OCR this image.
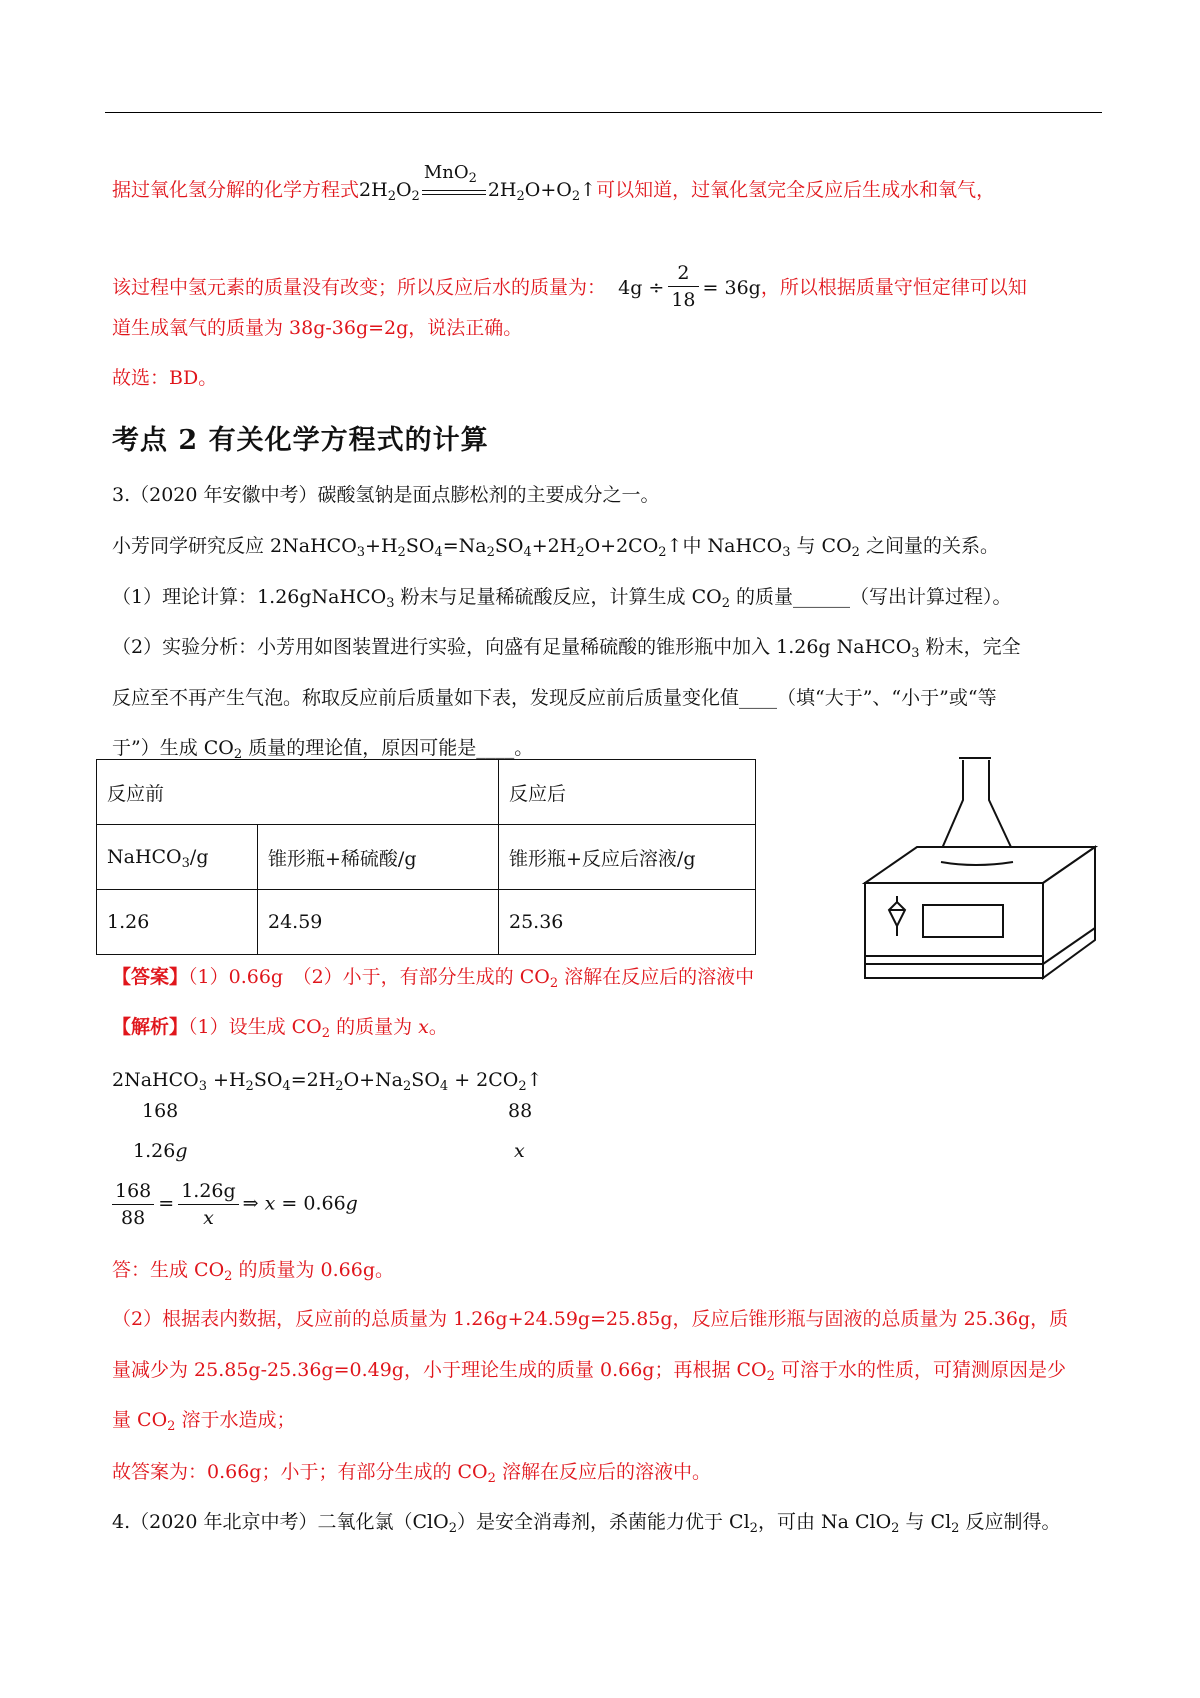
据过氧化氢分解的化学方程式$2H_2O_2$
MnO$_2$
$2H_2O+O_2↑$可以知道，过氧化氢完全反应后生成水和氧气，
该过程中氢元素的质量没有改变；所以反应后水的质量为： $4g \div \frac{2}{18} = 36g$，所以根据质量守恒定律可以知
道生成氧气的质量为 38g-36g=2g，说法正确。
故选：BD。
考点 2 有关化学方程式的计算
3.（2020 年安徽中考）碳酸氢钠是面点膨松剂的主要成分之一。
小芳同学研究反应 $2NaHCO_3+H_2SO_4=Na_2SO_4+2H_2O+2CO_2↑$中 NaHCO$_3$ 与 $CO_2$ 之间量的关系。
（1）理论计算：1.26gNaHCO$_3$ 粉末与足量稀硫酸反应，计算生成 $CO_2$ 的质量______（写出计算过程）。
（2）实验分析：小芳用如图装置进行实验，向盛有足量稀硫酸的锥形瓶中加入 1.26g NaHCO$_3$ 粉末，完全
反应至不再产生气泡。称取反应前后质量如下表，发现反应前后质量变化值____（填“大于”、“小于”或“等
于”）生成 $CO_2$ 质量的理论值，原因可能是____。
反应前		反应后
NaHCO$_3$/g	锥形瓶+稀硫酸/g	锥形瓶+反应后溶液/g
1.26	24.59	25.36
【答案】（1）0.66g　（2）小于，有部分生成的 $CO_2$ 溶解在反应后的溶液中
【解析】（1）设生成 $CO_2$ 的质量为 x。
2NaHCO$_3$ $+H_2SO_4=2H_2O+Na_2SO_4$ + $2CO_2↑$
168	88
1.26g	x
$\frac{168}{88} = \frac{1.26g}{x}$ ⇒ x = 0.66g
答：生成 $CO_2$ 的质量为 0.66g。
（2）根据表内数据，反应前的总质量为 1.26g+24.59g=25.85g，反应后锥形瓶与固液的总质量为 25.36g，质
量减少为 25.85g-25.36g=0.49g，小于理论生成的质量 0.66g；再根据 $CO_2$ 可溶于水的性质，可猜测原因是少
量 $CO_2$ 溶于水造成；
故答案为：0.66g；小于；有部分生成的 $CO_2$ 溶解在反应后的溶液中。
4.（2020 年北京中考）二氧化氯（ClO$_2$）是安全消毒剂，杀菌能力优于 $Cl_2$，可由 Na ClO$_2$ 与 $Cl_2$ 反应制得。
